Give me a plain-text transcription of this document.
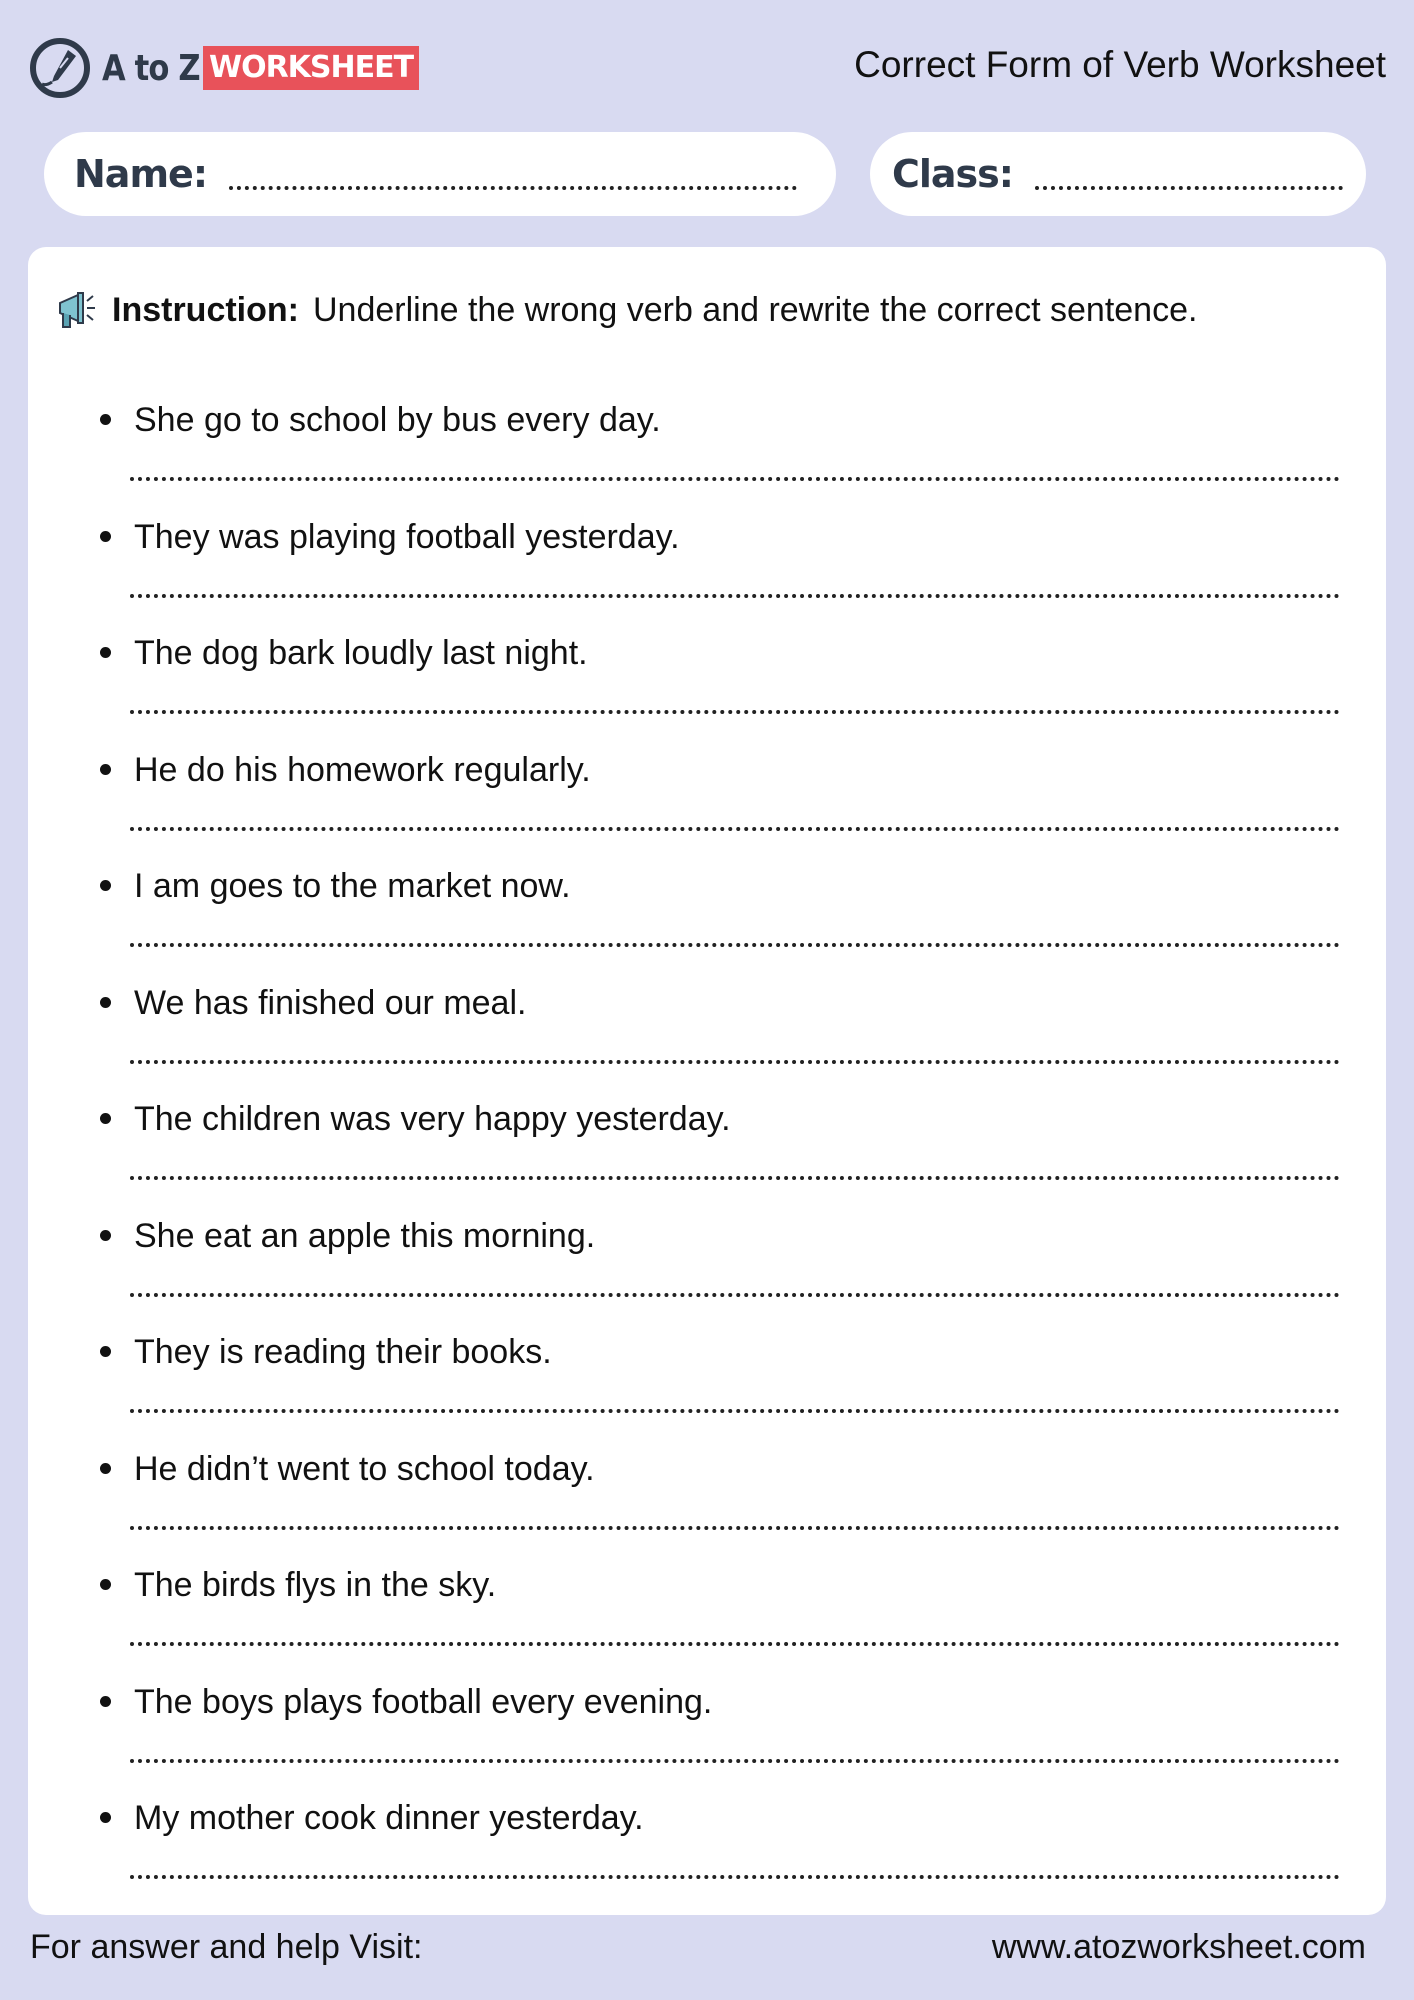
A to Z WORKSHEET	Correct Form of Verb Worksheet
Name:	Class:
Instruction: Underline the wrong verb and rewrite the correct sentence.
She go to school by bus every day.
They was playing football yesterday.
The dog bark loudly last night.
He do his homework regularly.
I am goes to the market now.
We has finished our meal.
The children was very happy yesterday.
She eat an apple this morning.
They is reading their books.
He didn’t went to school today.
The birds flys in the sky.
The boys plays football every evening.
My mother cook dinner yesterday.
For answer and help Visit:	www.atozworksheet.com
